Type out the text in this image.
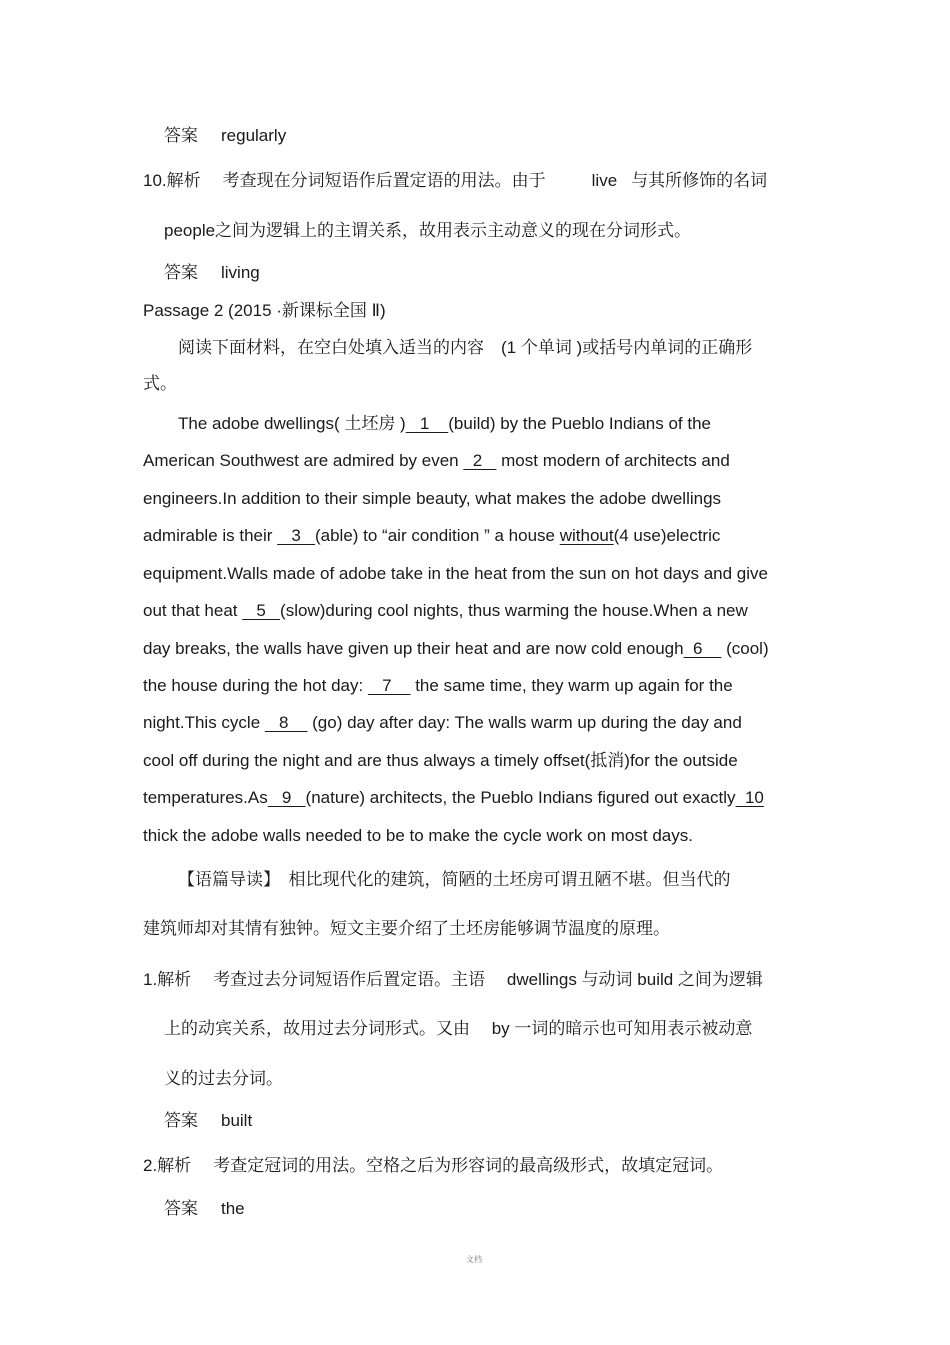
答案 regularly
10.解析 考查现在分词短语作后置定语的用法。由于	live 与其所修饰的名词
people之间为逻辑上的主谓关系，故用表示主动意义的现在分词形式。
答案 living
Passage 2 (2015 ·新课标全国 Ⅱ)
阅读下面材料，在空白处填入适当的内容　(1 个单词 )或括号内单词的正确形
式。
The adobe dwellings( 土坯房 )   1    (build) by the Pueblo Indians of the
American Southwest are admired by even   2    most modern of architects and
engineers.In addition to their simple beauty, what makes the adobe dwellings
admirable is their    3   (able) to “air condition ” a house without(4 use)electric
equipment.Walls made of adobe take in the heat from the sun on hot days and give
out that heat    5   (slow)during cool nights, thus warming the house.When a new
day breaks, the walls have given up their heat and are now cold enough  6     (cool)
the house during the hot day:    7     the same time, they warm up again for the
night.This cycle    8     (go) day after day: The walls warm up during the day and
cool off during the night and are thus always a timely offset(抵消)for the outside
temperatures.As   9   (nature) architects, the Pueblo Indians figured out exactly  10
thick the adobe walls needed to be to make the cycle work on most days.
【语篇导读】　相比现代化的建筑，简陋的土坯房可谓丑陋不堪。但当代的
建筑师却对其情有独钟。短文主要介绍了土坯房能够调节温度的原理。
1.解析 考查过去分词短语作后置定语。主语　 dwellings 与动词 build 之间为逻辑
上的动宾关系，故用过去分词形式。又由　 by 一词的暗示也可知用表示被动意
义的过去分词。
答案 built
2.解析 考查定冠词的用法。空格之后为形容词的最高级形式，故填定冠词。
答案 the
文档
